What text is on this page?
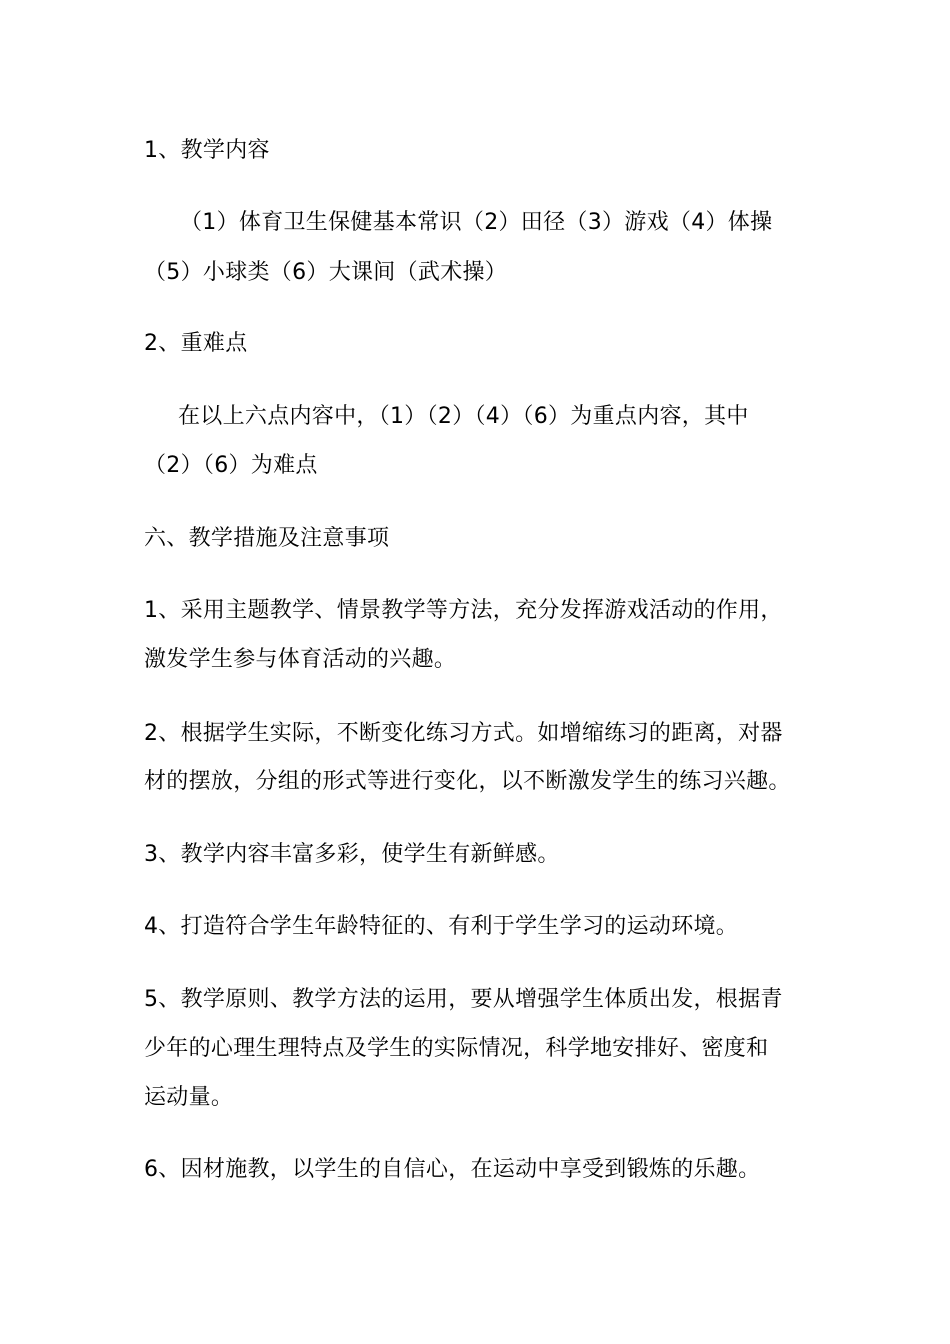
1、教学内容
（1）体育卫生保健基本常识（2）田径（3）游戏（4）体操
（5）小球类（6）大课间（武术操）
2、重难点
在以上六点内容中，（1）（2）（4）（6）为重点内容，其中
（2）（6）为难点
六、教学措施及注意事项
1、采用主题教学、情景教学等方法，充分发挥游戏活动的作用，
激发学生参与体育活动的兴趣。
2、根据学生实际，不断变化练习方式。如增缩练习的距离，对器
材的摆放，分组的形式等进行变化，以不断激发学生的练习兴趣。
3、教学内容丰富多彩，使学生有新鲜感。
4、打造符合学生年龄特征的、有利于学生学习的运动环境。
5、教学原则、教学方法的运用，要从增强学生体质出发，根据青
少年的心理生理特点及学生的实际情况，科学地安排好、密度和
运动量。
6、因材施教，以学生的自信心，在运动中享受到锻炼的乐趣。
